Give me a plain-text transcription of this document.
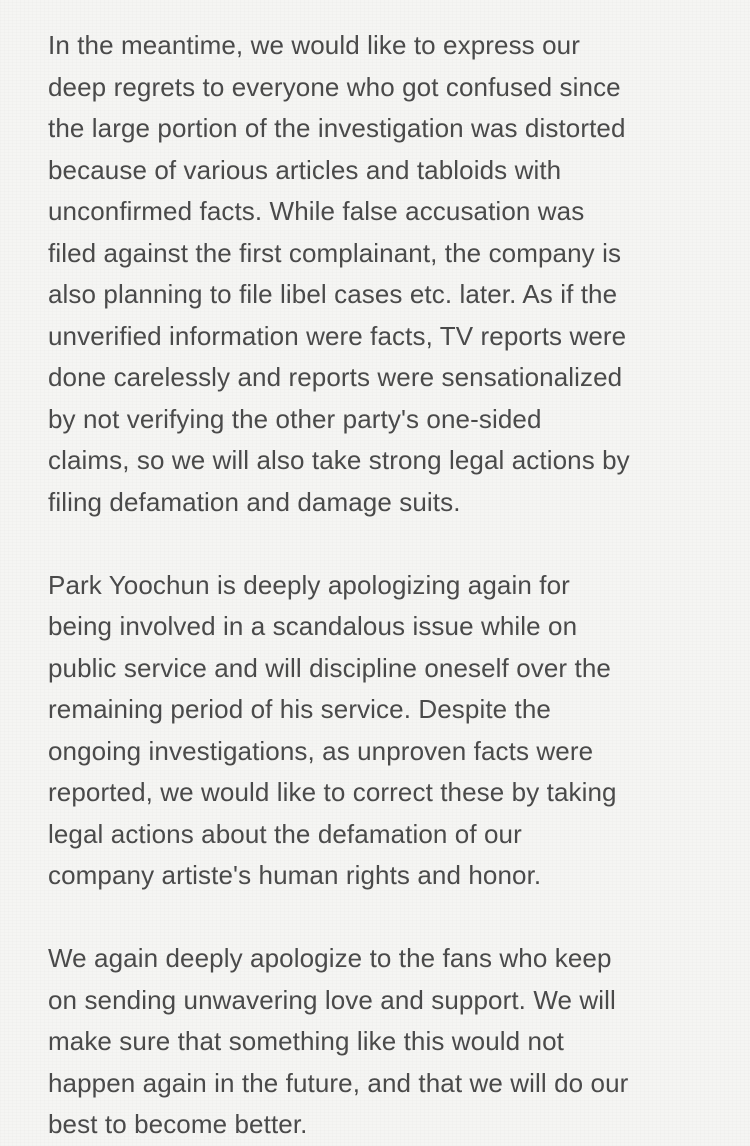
In the meantime, we would like to express our
deep regrets to everyone who got confused since
the large portion of the investigation was distorted
because of various articles and tabloids with
unconfirmed facts. While false accusation was
filed against the first complainant, the company is
also planning to file libel cases etc. later. As if the
unverified information were facts, TV reports were
done carelessly and reports were sensationalized
by not verifying the other party's one-sided
claims, so we will also take strong legal actions by
filing defamation and damage suits.

Park Yoochun is deeply apologizing again for
being involved in a scandalous issue while on
public service and will discipline oneself over the
remaining period of his service. Despite the
ongoing investigations, as unproven facts were
reported, we would like to correct these by taking
legal actions about the defamation of our
company artiste's human rights and honor.

We again deeply apologize to the fans who keep
on sending unwavering love and support. We will
make sure that something like this would not
happen again in the future, and that we will do our
best to become better.
